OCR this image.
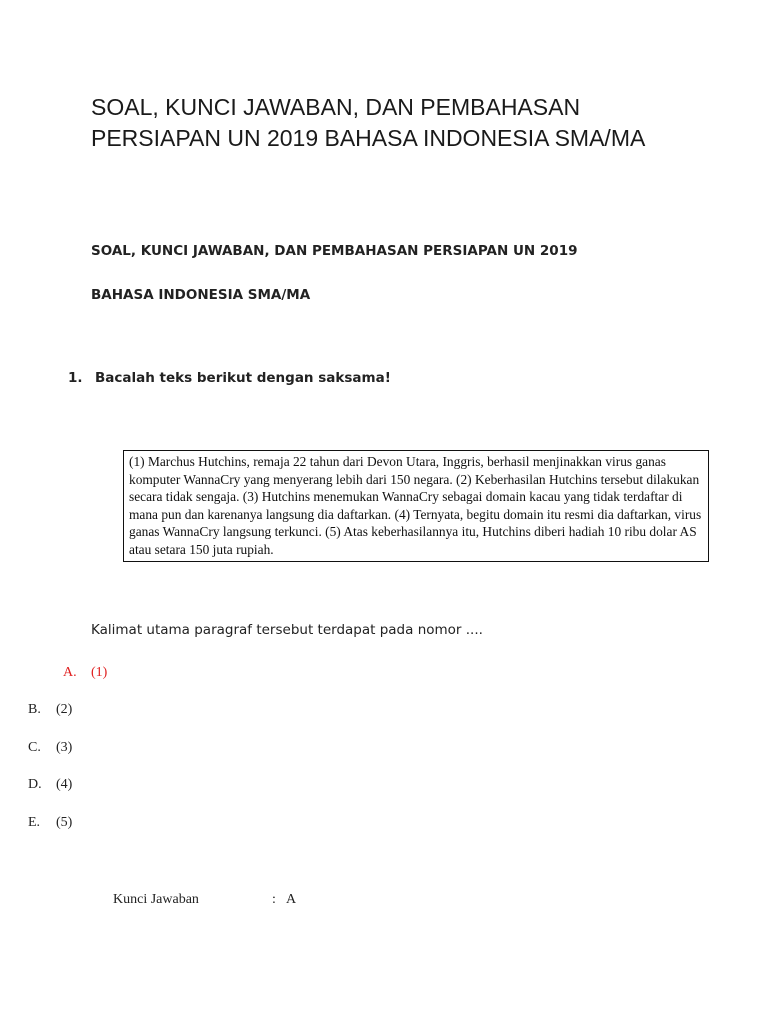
SOAL, KUNCI JAWABAN, DAN PEMBAHASAN PERSIAPAN UN 2019 BAHASA INDONESIA SMA/MA
SOAL, KUNCI JAWABAN, DAN PEMBAHASAN PERSIAPAN UN 2019
BAHASA INDONESIA SMA/MA
1. Bacalah teks berikut dengan saksama!
(1) Marchus Hutchins, remaja 22 tahun dari Devon Utara, Inggris, berhasil menjinakkan virus ganas komputer WannaCry yang menyerang lebih dari 150 negara. (2) Keberhasilan Hutchins tersebut dilakukan secara tidak sengaja. (3) Hutchins menemukan WannaCry sebagai domain kacau yang tidak terdaftar di mana pun dan karenanya langsung dia daftarkan. (4) Ternyata, begitu domain itu resmi dia daftarkan, virus ganas WannaCry langsung terkunci. (5) Atas keberhasilannya itu, Hutchins diberi hadiah 10 ribu dolar AS atau setara 150 juta rupiah.
Kalimat utama paragraf tersebut terdapat pada nomor ....
A.	(1)
B.	(2)
C.	(3)
D.	(4)
E.	(5)
Kunci Jawaban	: A
